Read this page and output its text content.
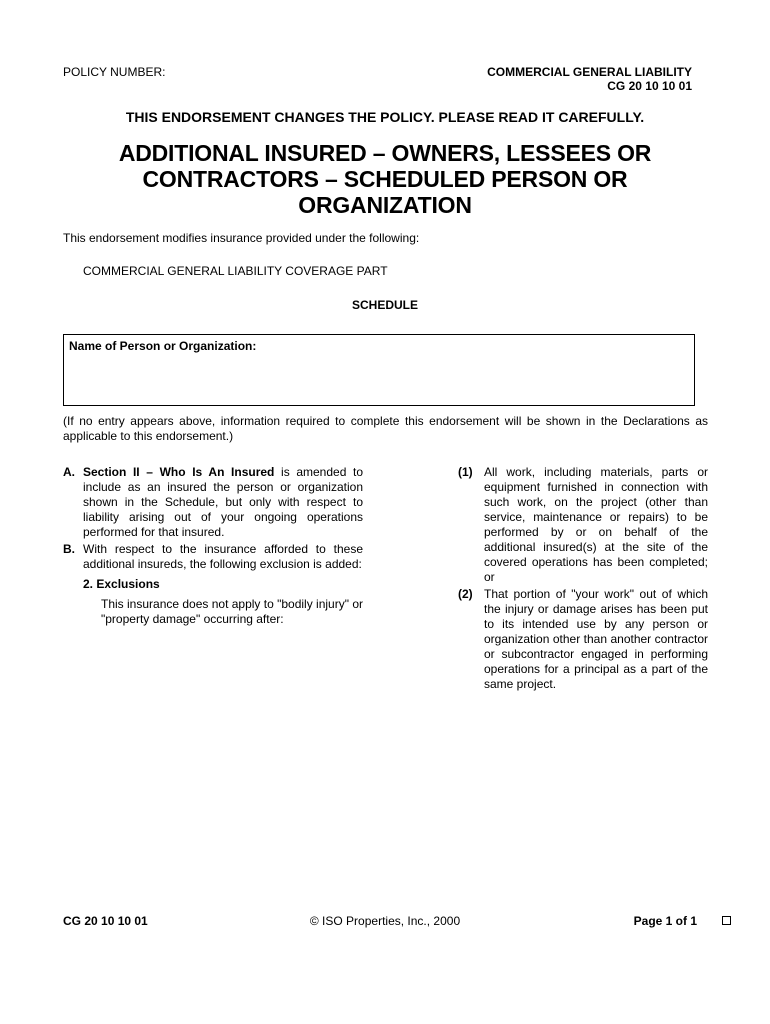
POLICY NUMBER:	COMMERCIAL GENERAL LIABILITY
CG 20 10 10 01
THIS ENDORSEMENT CHANGES THE POLICY. PLEASE READ IT CAREFULLY.
ADDITIONAL INSURED – OWNERS, LESSEES OR
CONTRACTORS – SCHEDULED PERSON OR
ORGANIZATION
This endorsement modifies insurance provided under the following:
COMMERCIAL GENERAL LIABILITY COVERAGE PART
SCHEDULE
Name of Person or Organization:
(If no entry appears above, information required to complete this endorsement will be shown in the Declarations as applicable to this endorsement.)
A. Section II – Who Is An Insured is amended to include as an insured the person or organization shown in the Schedule, but only with respect to liability arising out of your ongoing operations performed for that insured.
B. With respect to the insurance afforded to these additional insureds, the following exclusion is added:
2. Exclusions
This insurance does not apply to "bodily injury" or "property damage" occurring after:
(1) All work, including materials, parts or equipment furnished in connection with such work, on the project (other than service, maintenance or repairs) to be performed by or on behalf of the additional insured(s) at the site of the covered operations has been completed; or
(2) That portion of "your work" out of which the injury or damage arises has been put to its intended use by any person or organization other than another contractor or subcontractor engaged in performing operations for a principal as a part of the same project.
CG 20 10 10 01	© ISO Properties, Inc., 2000	Page 1 of 1
